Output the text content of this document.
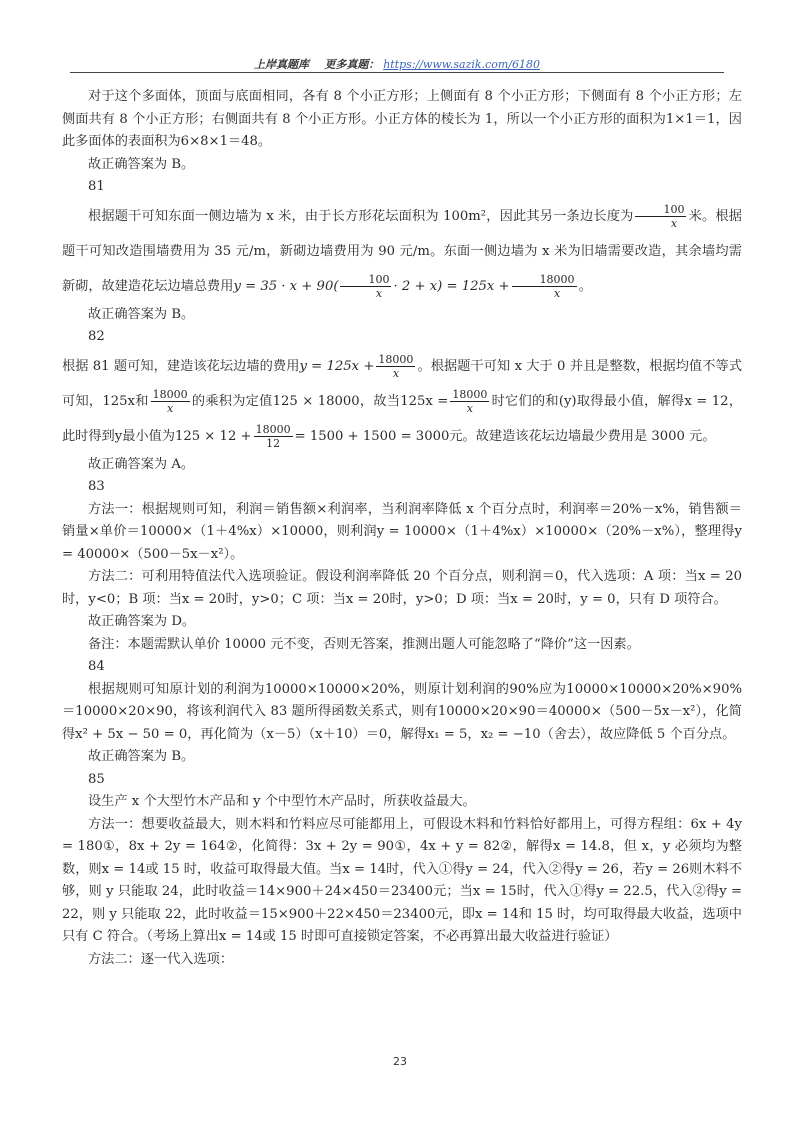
上岸真题库 更多真题： https://www.sazik.com/6180

对于这个多面体，顶面与底面相同，各有 8 个小正方形；上侧面有 8 个小正方形；下侧面有 8 个小正方形；左侧面共有 8 个小正方形；右侧面共有 8 个小正方形。小正方体的棱长为 1，所以一个小正方形的面积为1×1＝1，因此多面体的表面积为6×8×1＝48。

故正确答案为 B。

81

根据题干可知东面一侧边墙为 x 米，由于长方形花坛面积为 100m²，因此其另一条边长度为 $\frac{100}{x}$ 米。根据题干可知改造围墙费用为 35 元/m，新砌边墙费用为 90 元/m。东面一侧边墙为 x 米为旧墙需要改造，其余墙均需新砌，故建造花坛边墙总费用$y = 35 \cdot x + 90( \frac{100}{x} \cdot 2 + x) = 125x + \frac{18000}{x}$ 。

故正确答案为 B。

82

根据 81 题可知，建造该花坛边墙的费用$y = 125x + \frac{18000}{x}$ 。根据题干可知 x 大于 0 并且是整数，根据均值不等式可知，125x和 $\frac{18000}{x}$ 的乘积为定值125 × 18000，故当$125x = \frac{18000}{x}$ 时它们的和(y)取得最小值，解得x = 12，此时得到y最小值为$125 \times 12 + \frac{18000}{12} = 1500 + 1500 = 3000$元。故建造该花坛边墙最少费用是 3000 元。

故正确答案为 A。

83

方法一：根据规则可知，利润＝销售额×利润率，当利润率降低 x 个百分点时，利润率＝20%－x%，销售额＝销量×单价＝10000×（1＋4%x）×10000，则利润y = 10000×（1＋4%x）×10000×（20%－x%），整理得y = 40000×（500－5x－x²）。

方法二：可利用特值法代入选项验证。假设利润率降低 20 个百分点，则利润＝0，代入选项：A 项：当x = 20时，y<0；B 项：当x = 20时，y>0；C 项：当x = 20时，y>0；D 项：当x = 20时，y = 0，只有 D 项符合。

故正确答案为 D。

备注：本题需默认单价 10000 元不变，否则无答案，推测出题人可能忽略了“降价”这一因素。

84

根据规则可知原计划的利润为10000×10000×20%，则原计划利润的90%应为10000×10000×20%×90%＝10000×20×90，将该利润代入 83 题所得函数关系式，则有10000×20×90＝40000×（500－5x－x²），化简得x² + 5x − 50 = 0，再化简为（x－5）（x＋10）＝0，解得x₁ = 5，x₂ = −10（舍去），故应降低 5 个百分点。

故正确答案为 B。

85

设生产 x 个大型竹木产品和 y 个中型竹木产品时，所获收益最大。

方法一：想要收益最大，则木料和竹料应尽可能都用上，可假设木料和竹料恰好都用上，可得方程组：6x + 4y = 180①，8x + 2y = 164②，化简得：3x + 2y = 90①，4x + y = 82②，解得x = 14.8，但 x，y 必须均为整数，则x = 14或 15 时，收益可取得最大值。当x = 14时，代入①得y = 24，代入②得y = 26，若y = 26则木料不够，则 y 只能取 24，此时收益＝14×900＋24×450＝23400元；当x = 15时，代入①得y = 22.5，代入②得y = 22，则 y 只能取 22，此时收益＝15×900＋22×450＝23400元，即x = 14和 15 时，均可取得最大收益，选项中只有 C 符合。（考场上算出x = 14或 15 时即可直接锁定答案，不必再算出最大收益进行验证）

方法二：逐一代入选项：

23
